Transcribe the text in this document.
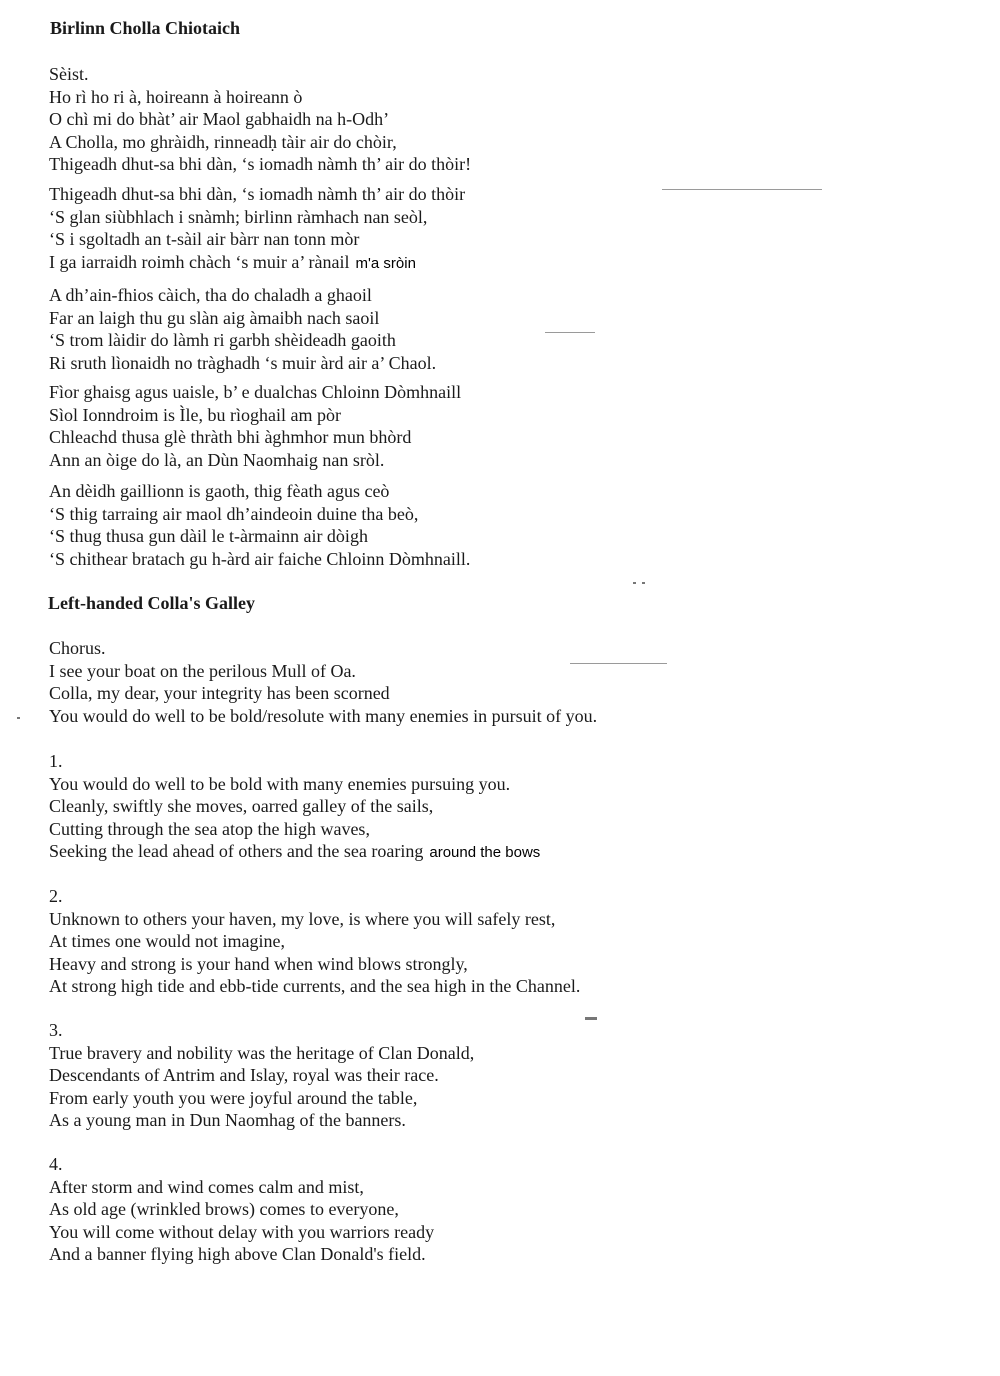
Birlinn Cholla Chiotaich
Sèist.
Ho rì ho ri à, hoireann à hoireann ò
O chì mi do bhàt’ air Maol gabhaidh na h-Odh’
A Cholla, mo ghràidh, rinneadḥ tàir air do chòir,
Thigeadh dhut-sa bhi dàn, ‘s iomadh nàmh th’ air do thòir!
Thigeadh dhut-sa bhi dàn, ‘s iomadh nàmh th’ air do thòir
‘S glan siùbhlach i snàmh; birlinn ràmhach nan seòl,
‘S i sgoltadh an t-sàil air bàrr nan tonn mòr
I ga iarraidh roimh chàch ‘s muir a’ rànail m'a sròin
A dh’ain-fhios càich, tha do chaladh a ghaoil
Far an laigh thu gu slàn aig àmaibh nach saoil
‘S trom làidir do làmh ri garbh shèideadh gaoith
Ri sruth lìonaidh no tràghadh ‘s muir àrd air a’ Chaol.
Fìor ghaisg agus uaisle, b’ e dualchas Chloinn Dòmhnaill
Sìol Ionndroim is Ìle, bu rìoghail am pòr
Chleachd thusa glè thràth bhi àghmhor mun bhòrd
Ann an òige do là, an Dùn Naomhaig nan sròl.
An dèidh gaillionn is gaoth, thig fèath agus ceò
‘S thig tarraing air maol dh’aindeoin duine tha beò,
‘S thug thusa gun dàil le t-àrmainn air dòigh
‘S chithear bratach gu h-àrd air faiche Chloinn Dòmhnaill.
Left-handed Colla's Galley
Chorus.
I see your boat on the perilous Mull of Oa.
Colla, my dear, your integrity has been scorned
You would do well to be bold/resolute with many enemies in pursuit of you.
1.
You would do well to be bold with many enemies pursuing you.
Cleanly, swiftly she moves, oarred galley of the sails,
Cutting through the sea atop the high waves,
Seeking the lead ahead of others and the sea roaring around the bows
2.
Unknown to others your haven, my love, is where you will safely rest,
At times one would not imagine,
Heavy and strong is your hand when wind blows strongly,
At strong high tide and ebb-tide currents, and the sea high in the Channel.
3.
True bravery and nobility was the heritage of Clan Donald,
Descendants of Antrim and Islay, royal was their race.
From early youth you were joyful around the table,
As a young man in Dun Naomhag of the banners.
4.
After storm and wind comes calm and mist,
As old age (wrinkled brows) comes to everyone,
You will come without delay with you warriors ready
And a banner flying high above Clan Donald's field.
